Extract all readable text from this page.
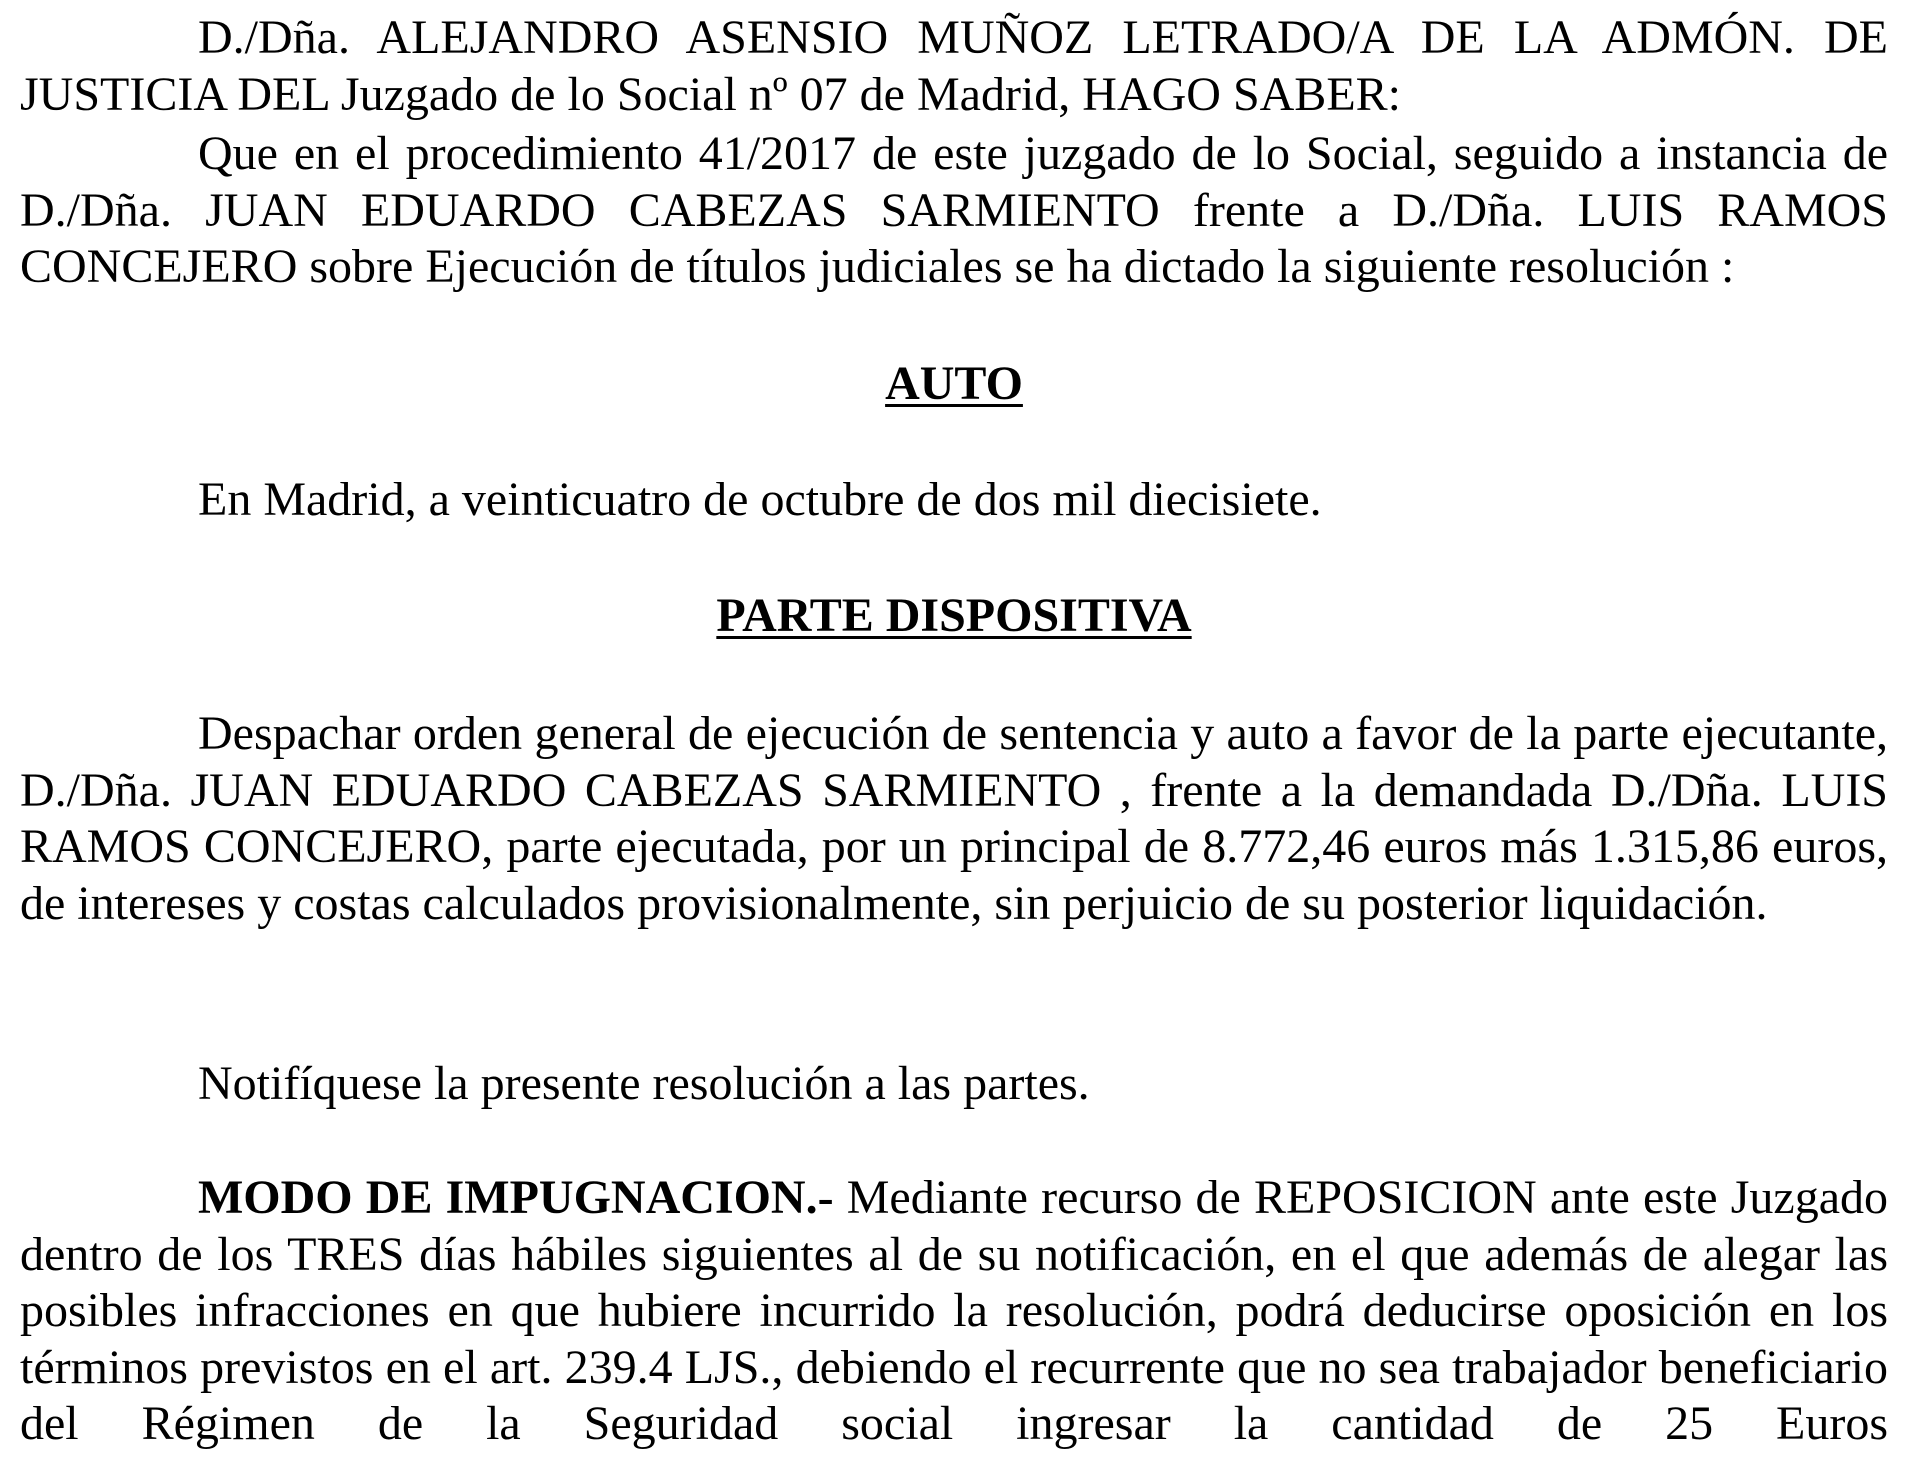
D./Dña. ALEJANDRO ASENSIO MUÑOZ LETRADO/A DE LA ADMÓN. DE JUSTICIA DEL Juzgado de lo Social nº 07 de Madrid, HAGO SABER:

Que en el procedimiento 41/2017 de este juzgado de lo Social, seguido a instancia de D./Dña. JUAN EDUARDO CABEZAS SARMIENTO frente a D./Dña. LUIS RAMOS CONCEJERO sobre Ejecución de títulos judiciales se ha dictado la siguiente resolución :

AUTO

En Madrid, a veinticuatro de octubre de dos mil diecisiete.

PARTE DISPOSITIVA

Despachar orden general de ejecución de sentencia y auto a favor de la parte ejecutante, D./Dña. JUAN EDUARDO CABEZAS SARMIENTO , frente a la demandada D./Dña. LUIS RAMOS CONCEJERO, parte ejecutada, por un principal de 8.772,46 euros más 1.315,86 euros, de intereses y costas calculados provisionalmente, sin perjuicio de su posterior liquidación.

Notifíquese la presente resolución a las partes.

MODO DE IMPUGNACION.- Mediante recurso de REPOSICION ante este Juzgado dentro de los TRES días hábiles siguientes al de su notificación, en el que además de alegar las posibles infracciones en que hubiere incurrido la resolución, podrá deducirse oposición en los términos previstos en el art. 239.4 LJS., debiendo el recurrente que no sea trabajador beneficiario del Régimen de la Seguridad social ingresar la cantidad de 25 Euros
